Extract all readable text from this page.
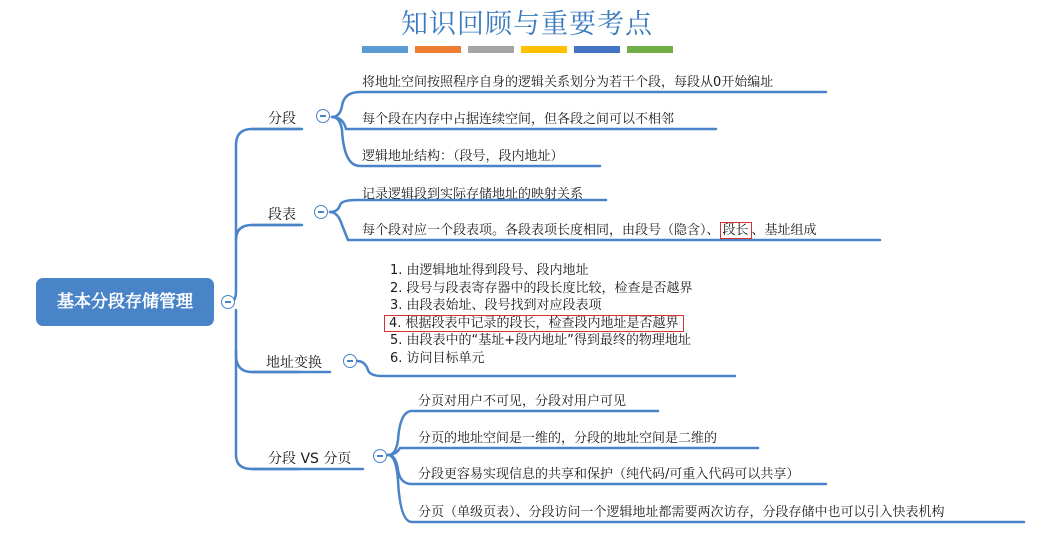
知识回顾与重要考点
基本分段存储管理
分段
将地址空间按照程序自身的逻辑关系划分为若干个段，每段从0开始编址
每个段在内存中占据连续空间，但各段之间可以不相邻
逻辑地址结构：（段号，段内地址）
段表
记录逻辑段到实际存储地址的映射关系
每个段对应一个段表项。各段表项长度相同，由段号（隐含）、 段长 、基址组成
地址变换
1. 由逻辑地址得到段号、段内地址
2. 段号与段表寄存器中的段长度比较，检查是否越界
3. 由段表始址、段号找到对应段表项
4. 根据段表中记录的段长，检查段内地址是否越界
5. 由段表中的“基址+段内地址”得到最终的物理地址
6. 访问目标单元
分段 VS 分页
分页对用户不可见，分段对用户可见
分页的地址空间是一维的，分段的地址空间是二维的
分段更容易实现信息的共享和保护（纯代码/可重入代码可以共享）
分页（单级页表）、分段访问一个逻辑地址都需要两次访存，分段存储中也可以引入快表机构
